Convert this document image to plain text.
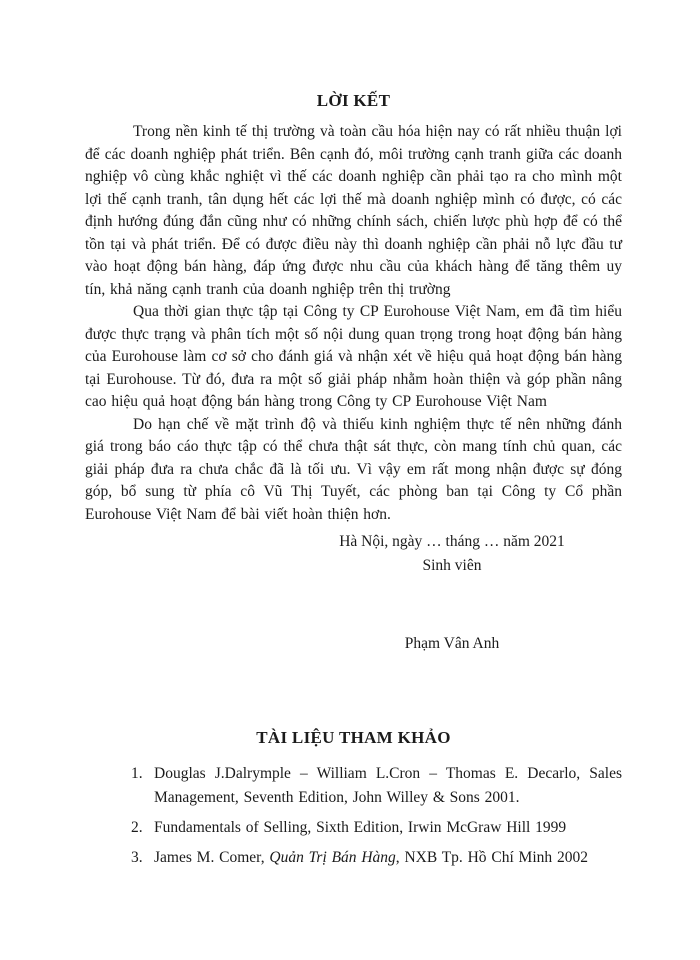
LỜI KẾT

Trong nền kinh tế thị trường và toàn cầu hóa hiện nay có rất nhiều thuận lợi để các doanh nghiệp phát triển. Bên cạnh đó, môi trường cạnh tranh giữa các doanh nghiệp vô cùng khắc nghiệt vì thế các doanh nghiệp cần phải tạo ra cho mình một lợi thế cạnh tranh, tân dụng hết các lợi thế mà doanh nghiệp mình có được, có các định hướng đúng đắn cũng như có những chính sách, chiến lược phù hợp để có thể tồn tại và phát triển. Để có được điều này thì doanh nghiệp cần phải nỗ lực đầu tư vào hoạt động bán hàng, đáp ứng được nhu cầu của khách hàng để tăng thêm uy tín, khả năng cạnh tranh của doanh nghiệp trên thị trường

Qua thời gian thực tập tại Công ty CP Eurohouse Việt Nam, em đã tìm hiểu được thực trạng và phân tích một số nội dung quan trọng trong hoạt động bán hàng của Eurohouse làm cơ sở cho đánh giá và nhận xét về hiệu quả hoạt động bán hàng tại Eurohouse. Từ đó, đưa ra một số giải pháp nhằm hoàn thiện và góp phần nâng cao hiệu quả hoạt động bán hàng trong Công ty CP Eurohouse Việt Nam

Do hạn chế về mặt trình độ và thiếu kinh nghiệm thực tế nên những đánh giá trong báo cáo thực tập có thể chưa thật sát thực, còn mang tính chủ quan, các giải pháp đưa ra chưa chắc đã là tối ưu. Vì vậy em rất mong nhận được sự đóng góp, bổ sung từ phía cô Vũ Thị Tuyết, các phòng ban tại Công ty Cổ phần Eurohouse Việt Nam để bài viết hoàn thiện hơn.

Hà Nội, ngày … tháng … năm 2021
Sinh viên
Phạm Vân Anh
TÀI LIỆU THAM KHẢO
1. Douglas J.Dalrymple – William L.Cron – Thomas E. Decarlo, Sales Management, Seventh Edition, John Willey & Sons 2001.
2. Fundamentals of Selling, Sixth Edition, Irwin McGraw Hill 1999
3. James M. Comer, Quản Trị Bán Hàng, NXB Tp. Hồ Chí Minh 2002
